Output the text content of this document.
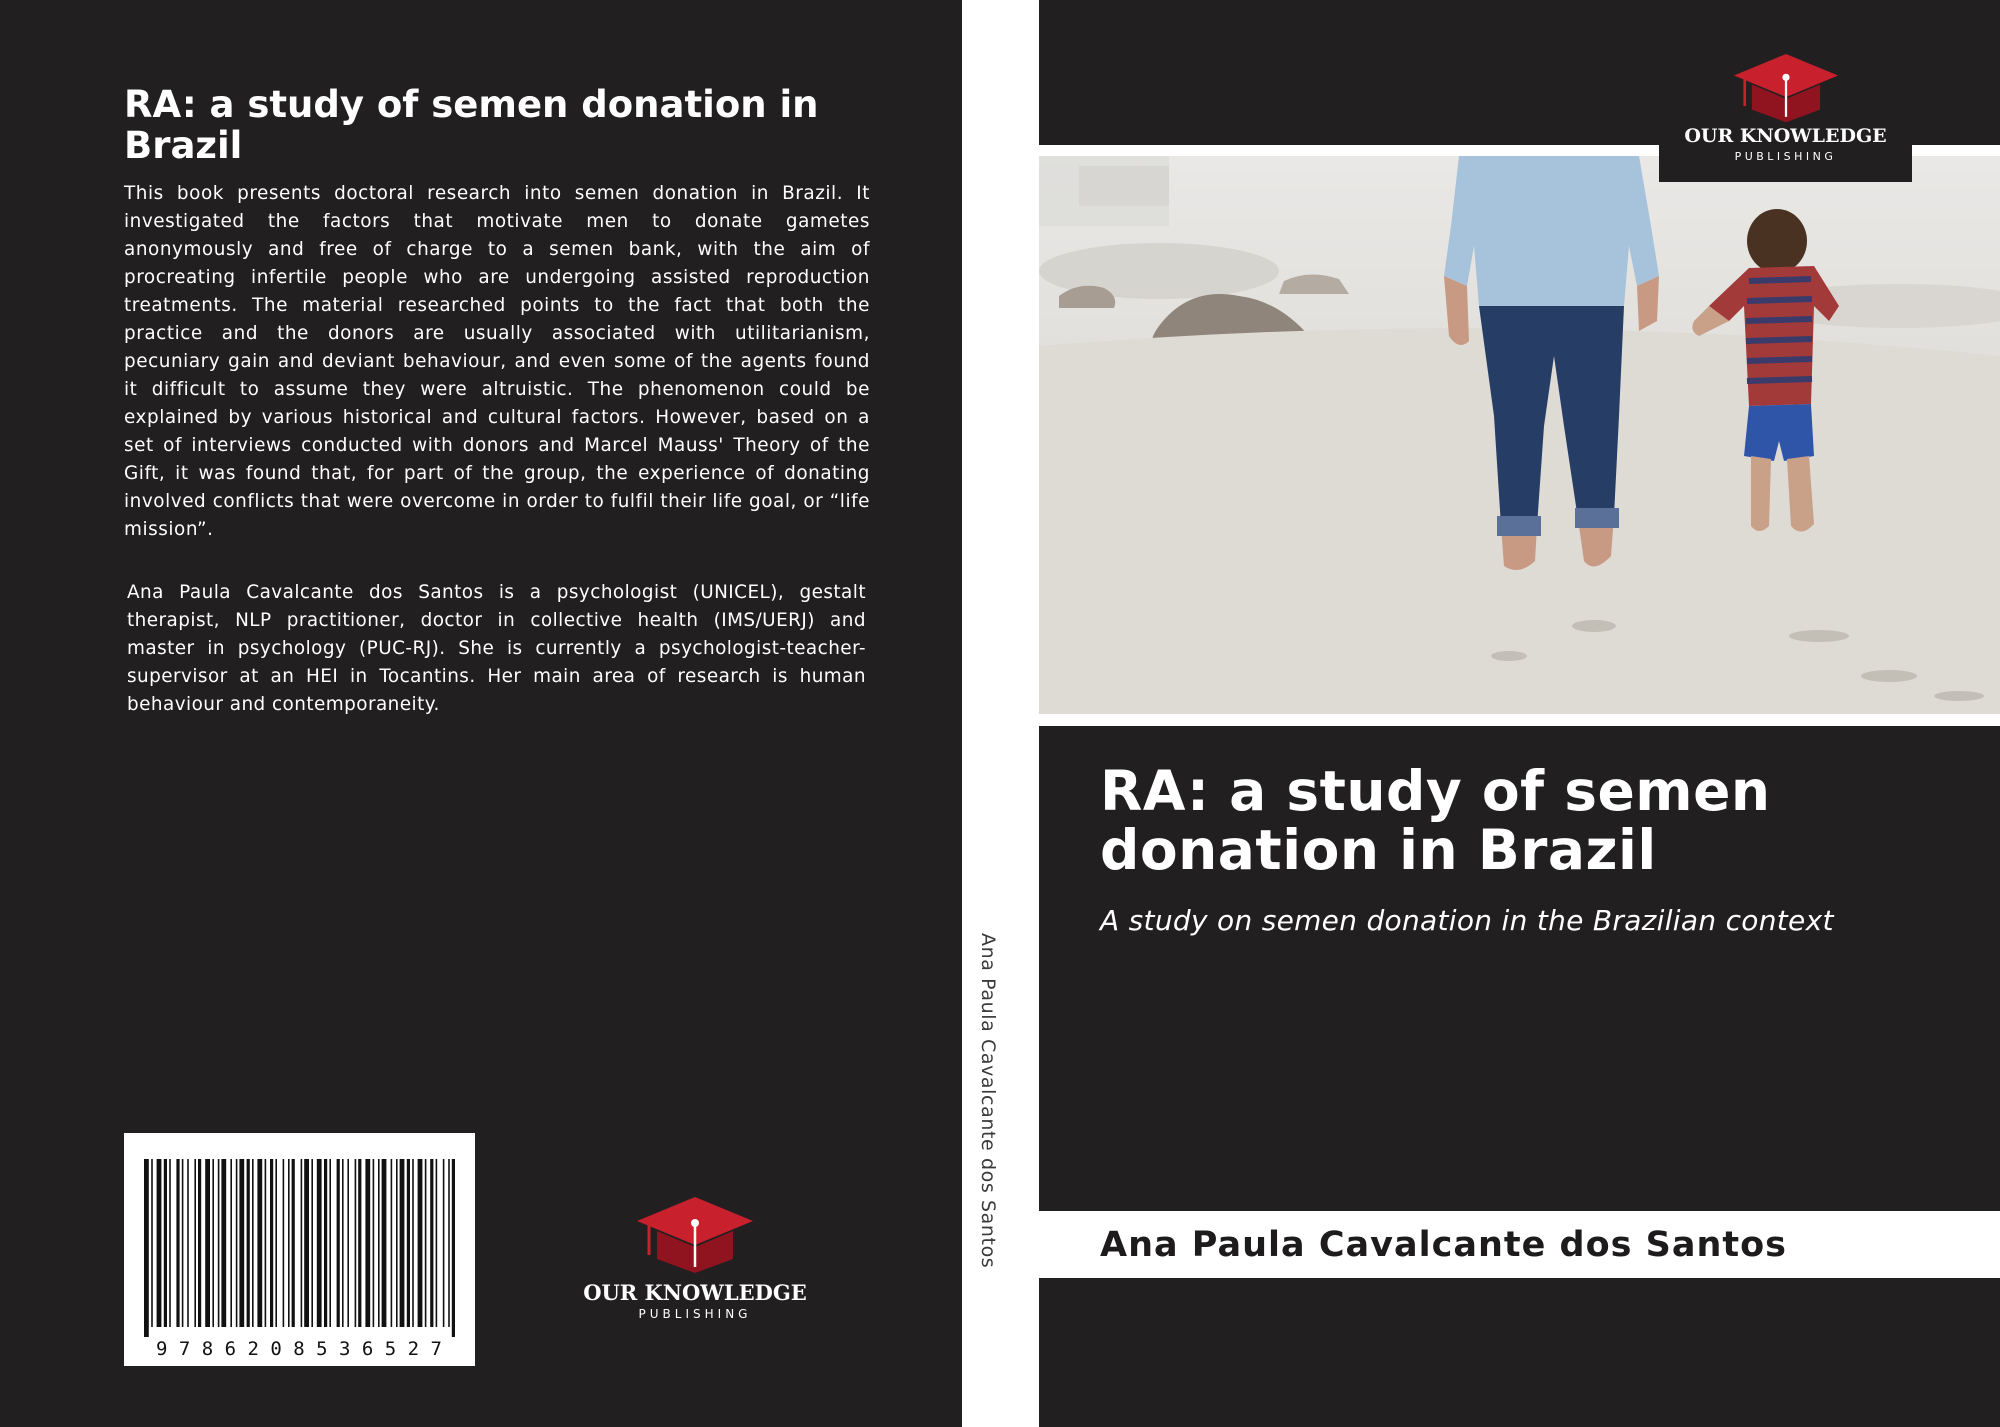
RA: a study of semen donation in Brazil

This book presents doctoral research into semen donation in Brazil. It investigated the factors that motivate men to donate gametes anonymously and free of charge to a semen bank, with the aim of procreating infertile people who are undergoing assisted reproduction treatments. The material researched points to the fact that both the practice and the donors are usually associated with utilitarianism, pecuniary gain and deviant behaviour, and even some of the agents found it difficult to assume they were altruistic. The phenomenon could be explained by various historical and cultural factors. However, based on a set of interviews conducted with donors and Marcel Mauss' Theory of the Gift, it was found that, for part of the group, the experience of donating involved conflicts that were overcome in order to fulfil their life goal, or “life mission”.

Ana Paula Cavalcante dos Santos is a psychologist (UNICEL), gestalt therapist, NLP practitioner, doctor in collective health (IMS/UERJ) and master in psychology (PUC-RJ). She is currently a psychologist-teacher-supervisor at an HEI in Tocantins. Her main area of research is human behaviour and contemporaneity.

9 7 8 6 2 0 8 5 3 6 5 2 7
OUR KNOWLEDGE
PUBLISHING
Ana Paula Cavalcante dos Santos
OUR KNOWLEDGE
PUBLISHING
RA: a study of semen donation in Brazil
A study on semen donation in the Brazilian context
Ana Paula Cavalcante dos Santos
